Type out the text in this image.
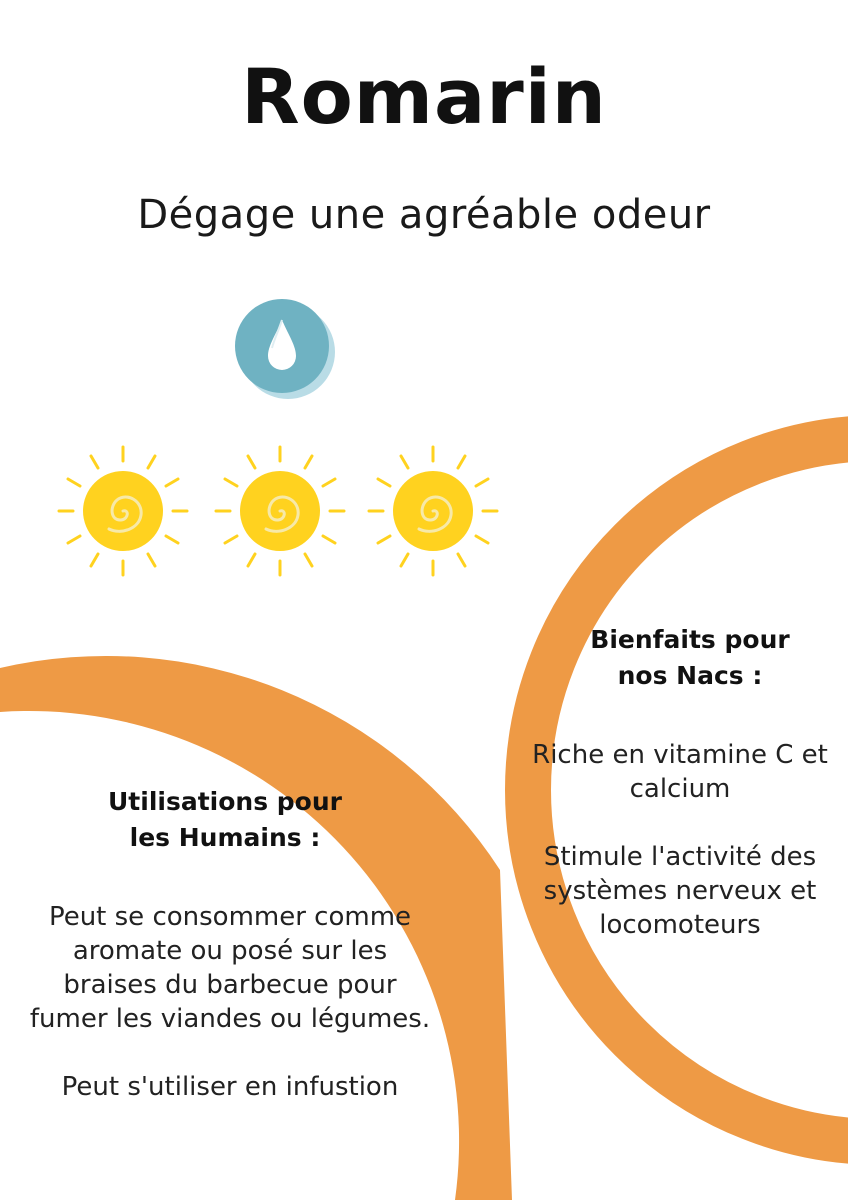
Romarin
Dégage une agréable odeur
Bienfaits pour
nos Nacs :
Riche en vitamine C et
calcium
Stimule l'activité des
systèmes nerveux et
locomoteurs
Utilisations pour
les Humains :
Peut se consommer comme
aromate ou posé sur les
braises du barbecue pour
fumer les viandes ou légumes.
Peut s'utiliser en infustion
